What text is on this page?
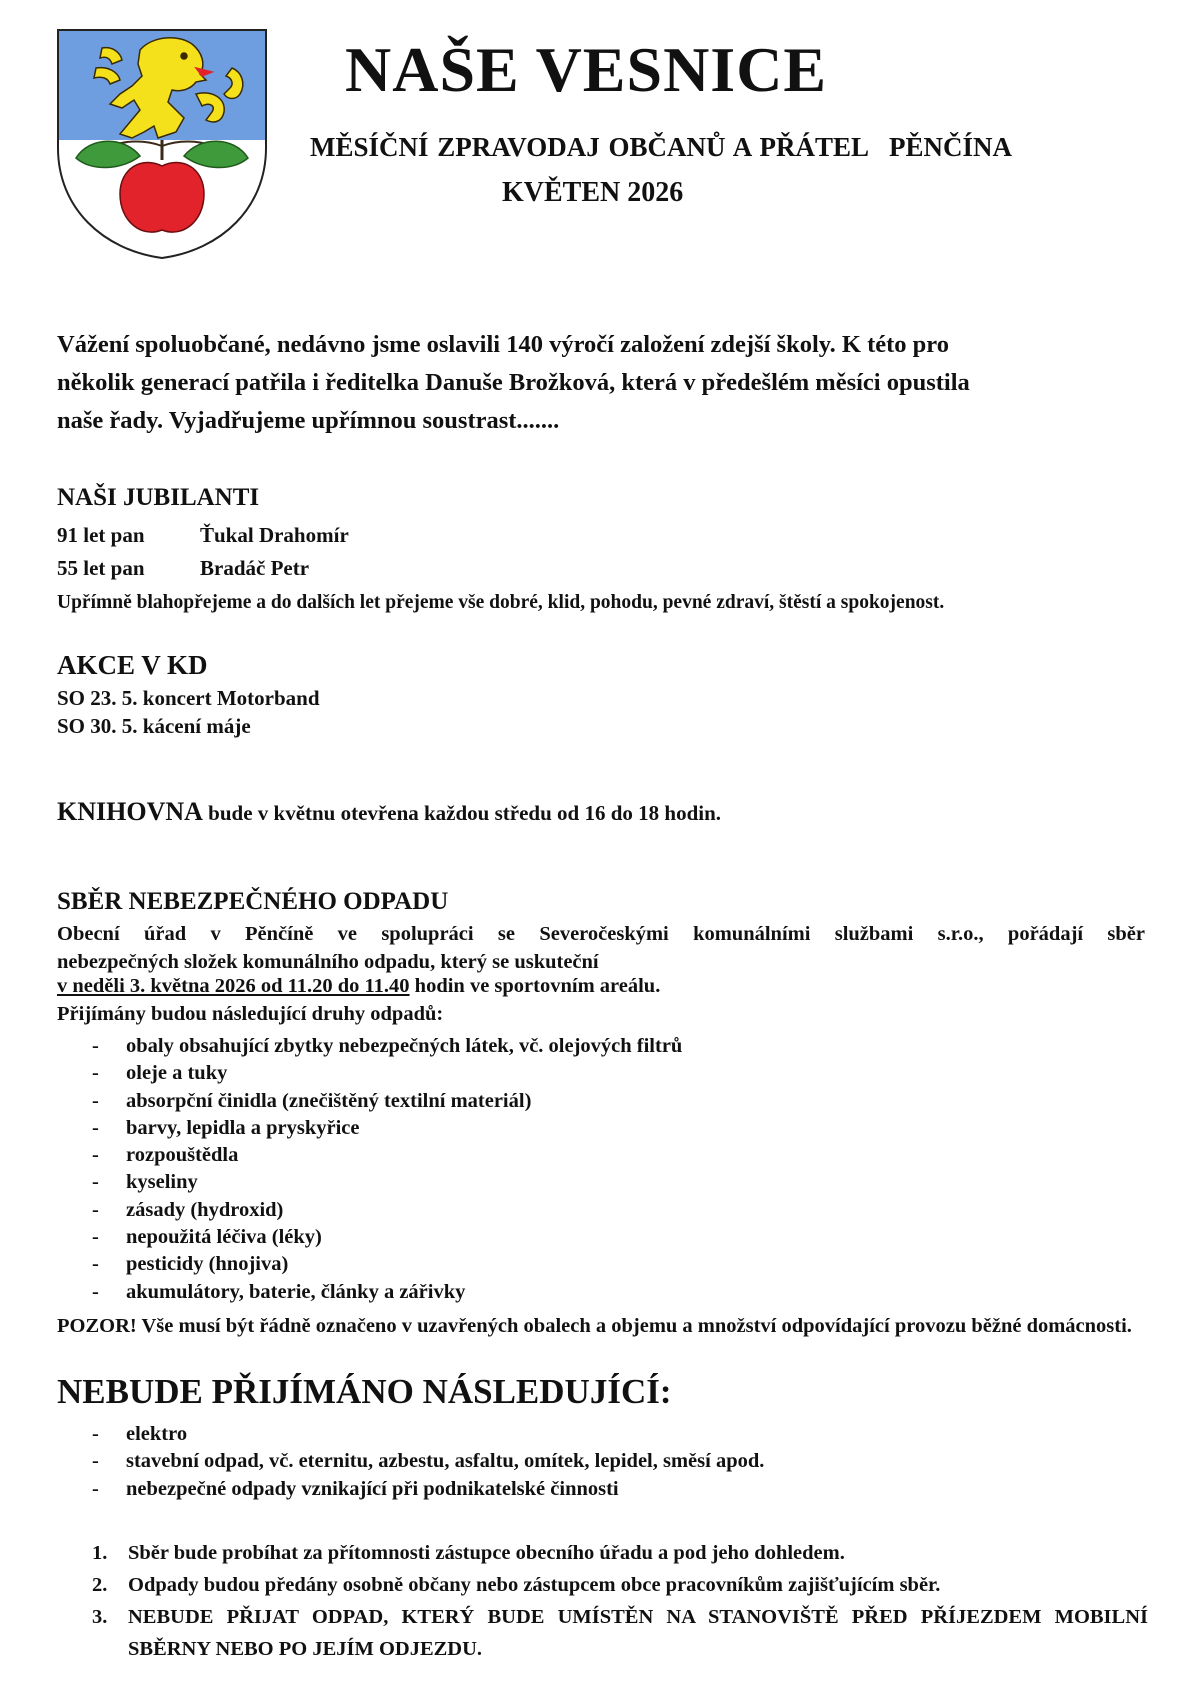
NAŠE VESNICE
MĚSÍČNÍ ZPRAVODAJ OBČANŮ A PŘÁTEL PĚNČÍNA
KVĚTEN 2026
Vážení spoluobčané, nedávno jsme oslavili 140 výročí založení zdejší školy. K této pro
několik generací patřila i ředitelka Danuše Brožková, která v předešlém měsíci opustila
naše řady. Vyjadřujeme upřímnou soustrast.......
NAŠI JUBILANTI
91 let pan	Ťukal Drahomír
55 let pan	Bradáč Petr
Upřímně blahopřejeme a do dalších let přejeme vše dobré, klid, pohodu, pevné zdraví, štěstí a spokojenost.
AKCE V KD
SO 23. 5. koncert Motorband
SO 30. 5. kácení máje
KNIHOVNA bude v květnu otevřena každou středu od 16 do 18 hodin.
SBĚR NEBEZPEČNÉHO ODPADU
Obecní úřad v Pěnčíně ve spolupráci se Severočeskými komunálními službami s.r.o., pořádají sběr
nebezpečných složek komunálního odpadu, který se uskuteční
v neděli 3. května 2026 od 11.20 do 11.40 hodin ve sportovním areálu.
Přijímány budou následující druhy odpadů:
- obaly obsahující zbytky nebezpečných látek, vč. olejových filtrů
- oleje a tuky
- absorpční činidla (znečištěný textilní materiál)
- barvy, lepidla a pryskyřice
- rozpouštědla
- kyseliny
- zásady (hydroxid)
- nepoužitá léčiva (léky)
- pesticidy (hnojiva)
- akumulátory, baterie, články a zářivky
POZOR! Vše musí být řádně označeno v uzavřených obalech a objemu a množství odpovídající provozu běžné domácnosti.
NEBUDE PŘIJÍMÁNO NÁSLEDUJÍCÍ:
- elektro
- stavební odpad, vč. eternitu, azbestu, asfaltu, omítek, lepidel, směsí apod.
- nebezpečné odpady vznikající při podnikatelské činnosti
1.	Sběr bude probíhat za přítomnosti zástupce obecního úřadu a pod jeho dohledem.
2.	Odpady budou předány osobně občany nebo zástupcem obce pracovníkům zajišťujícím sběr.
3.	NEBUDE PŘIJAT ODPAD, KTERÝ BUDE UMÍSTĚN NA STANOVIŠTĚ PŘED PŘÍJEZDEM MOBILNÍ SBĚRNY NEBO PO JEJÍM ODJEZDU.
